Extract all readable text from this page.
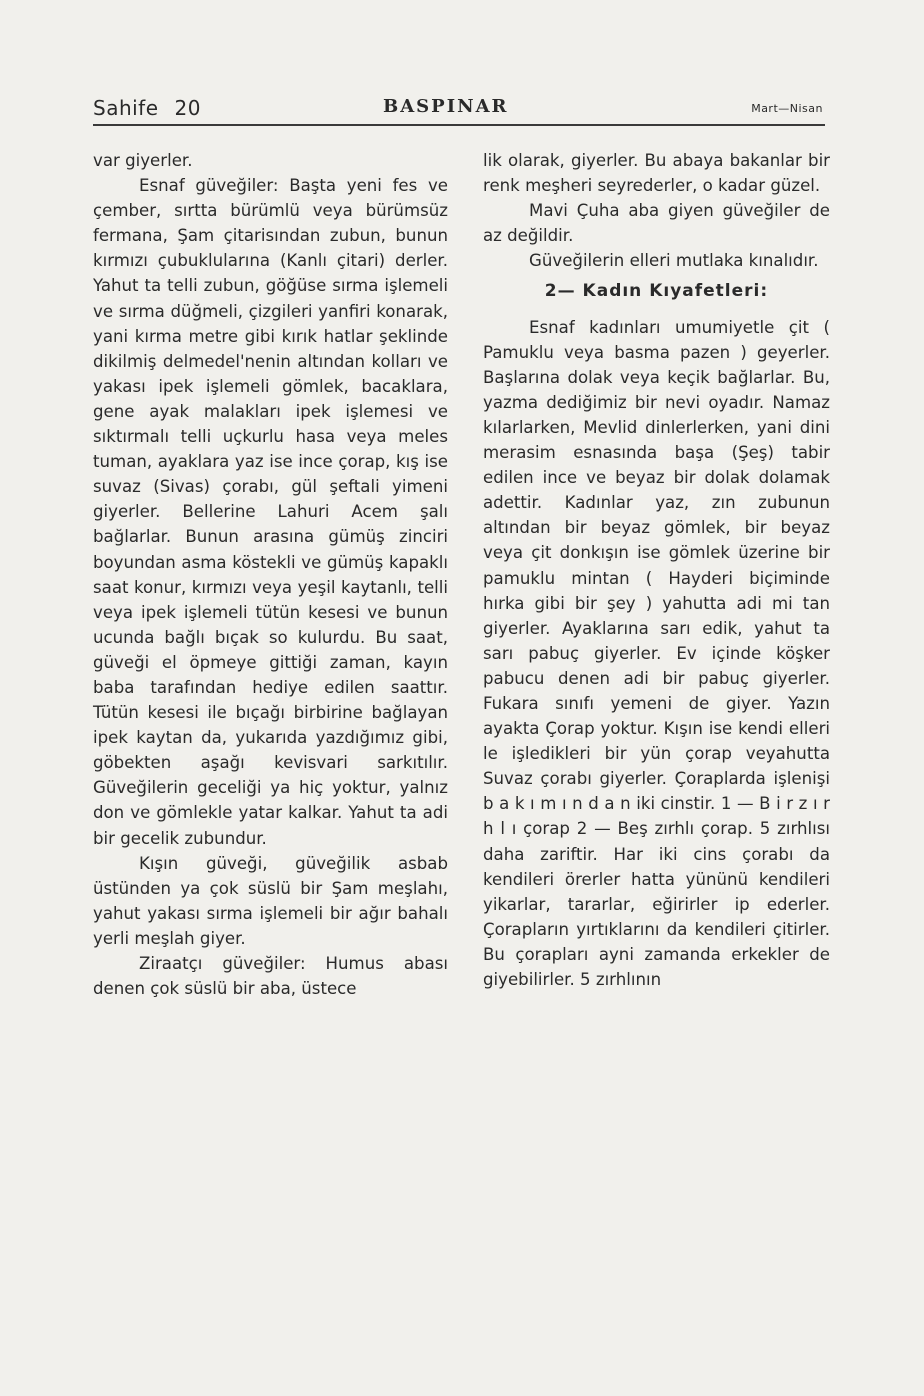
Sahife 20	BASPINAR	Mart—Nisan

var giyerler.

Esnaf güveğiler: Başta yeni fes ve çember, sırtta bürümlü veya bürümsüz fermana, Şam çitarisından zubun, bunun kırmızı çubuklularına (Kanlı çitari) derler. Yahut ta telli zubun, göğüse sırma işlemeli ve sırma düğmeli, çizgileri yanfiri konarak, yani kırma metre gibi kırık hatlar şeklinde dikilmiş delmedel'nenin altından kolları ve yakası ipek işlemeli gömlek, bacaklara, gene ayak malakları ipek işlemesi ve sıktırmalı telli uçkurlu hasa veya meles tuman, ayaklara yaz ise ince çorap, kış ise suvaz (Sivas) çorabı, gül şeftali yimeni giyerler. Bellerine Lahuri Acem şalı bağlarlar. Bunun arasına gümüş zinciri boyundan asma köstekli ve gümüş kapaklı saat konur, kırmızı veya yeşil kaytanlı, telli veya ipek işlemeli tütün kesesi ve bunun ucunda bağlı bıçak so kulurdu. Bu saat, güveği el öpmeye gittiği zaman, kayın baba tarafından hediye edilen saattır. Tütün kesesi ile bıçağı birbirine bağlayan ipek kaytan da, yukarıda yazdığımız gibi, göbekten aşağı kevisvari sarkıtılır. Güveğilerin geceliği ya hiç yoktur, yalnız don ve gömlekle yatar kalkar. Yahut ta adi bir gecelik zubundur.

Kışın güveği, güveğilik asbab üstünden ya çok süslü bir Şam meşlahı, yahut yakası sırma işlemeli bir ağır bahalı yerli meşlah giyer.

Ziraatçı güveğiler: Humus abası denen çok süslü bir aba, üstece

lik olarak, giyerler. Bu abaya bakanlar bir renk meşheri seyrederler, o kadar güzel.

Mavi Çuha aba giyen güveğiler de az değildir.

Güveğilerin elleri mutlaka kınalıdır.

2— Kadın Kıyafetleri:

Esnaf kadınları umumiyetle çit ( Pamuklu veya basma pazen ) geyerler. Başlarına dolak veya keçik bağlarlar. Bu, yazma dediğimiz bir nevi oyadır. Namaz kılarlarken, Mevlid dinlerlerken, yani dini merasim esnasında başa (Şeş) tabir edilen ince ve beyaz bir dolak dolamak adettir. Kadınlar yaz, zın zubunun altından bir beyaz gömlek, bir beyaz veya çit donkışın ise gömlek üzerine bir pamuklu mintan ( Hayderi biçiminde hırka gibi bir şey ) yahutta adi mi tan giyerler. Ayaklarına sarı edik, yahut ta sarı pabuç giyerler. Ev içinde köşker pabucu denen adi bir pabuç giyerler. Fukara sınıfı yemeni de giyer. Yazın ayakta Çorap yoktur. Kışın ise kendi elleri le işledikleri bir yün çorap veyahutta Suvaz çorabı giyerler. Çoraplarda işlenişi b a k ı m ı n d a n iki cinstir. 1 — B i r z ı r h l ı çorap 2 — Beş zırhlı çorap. 5 zırhlısı daha zariftir. Har iki cins çorabı da kendileri örerler hatta yününü kendileri yikarlar, tararlar, eğirirler ip ederler. Çorapların yırtıklarını da kendileri çitirler. Bu çorapları ayni zamanda erkekler de giyebilirler. 5 zırhlının
